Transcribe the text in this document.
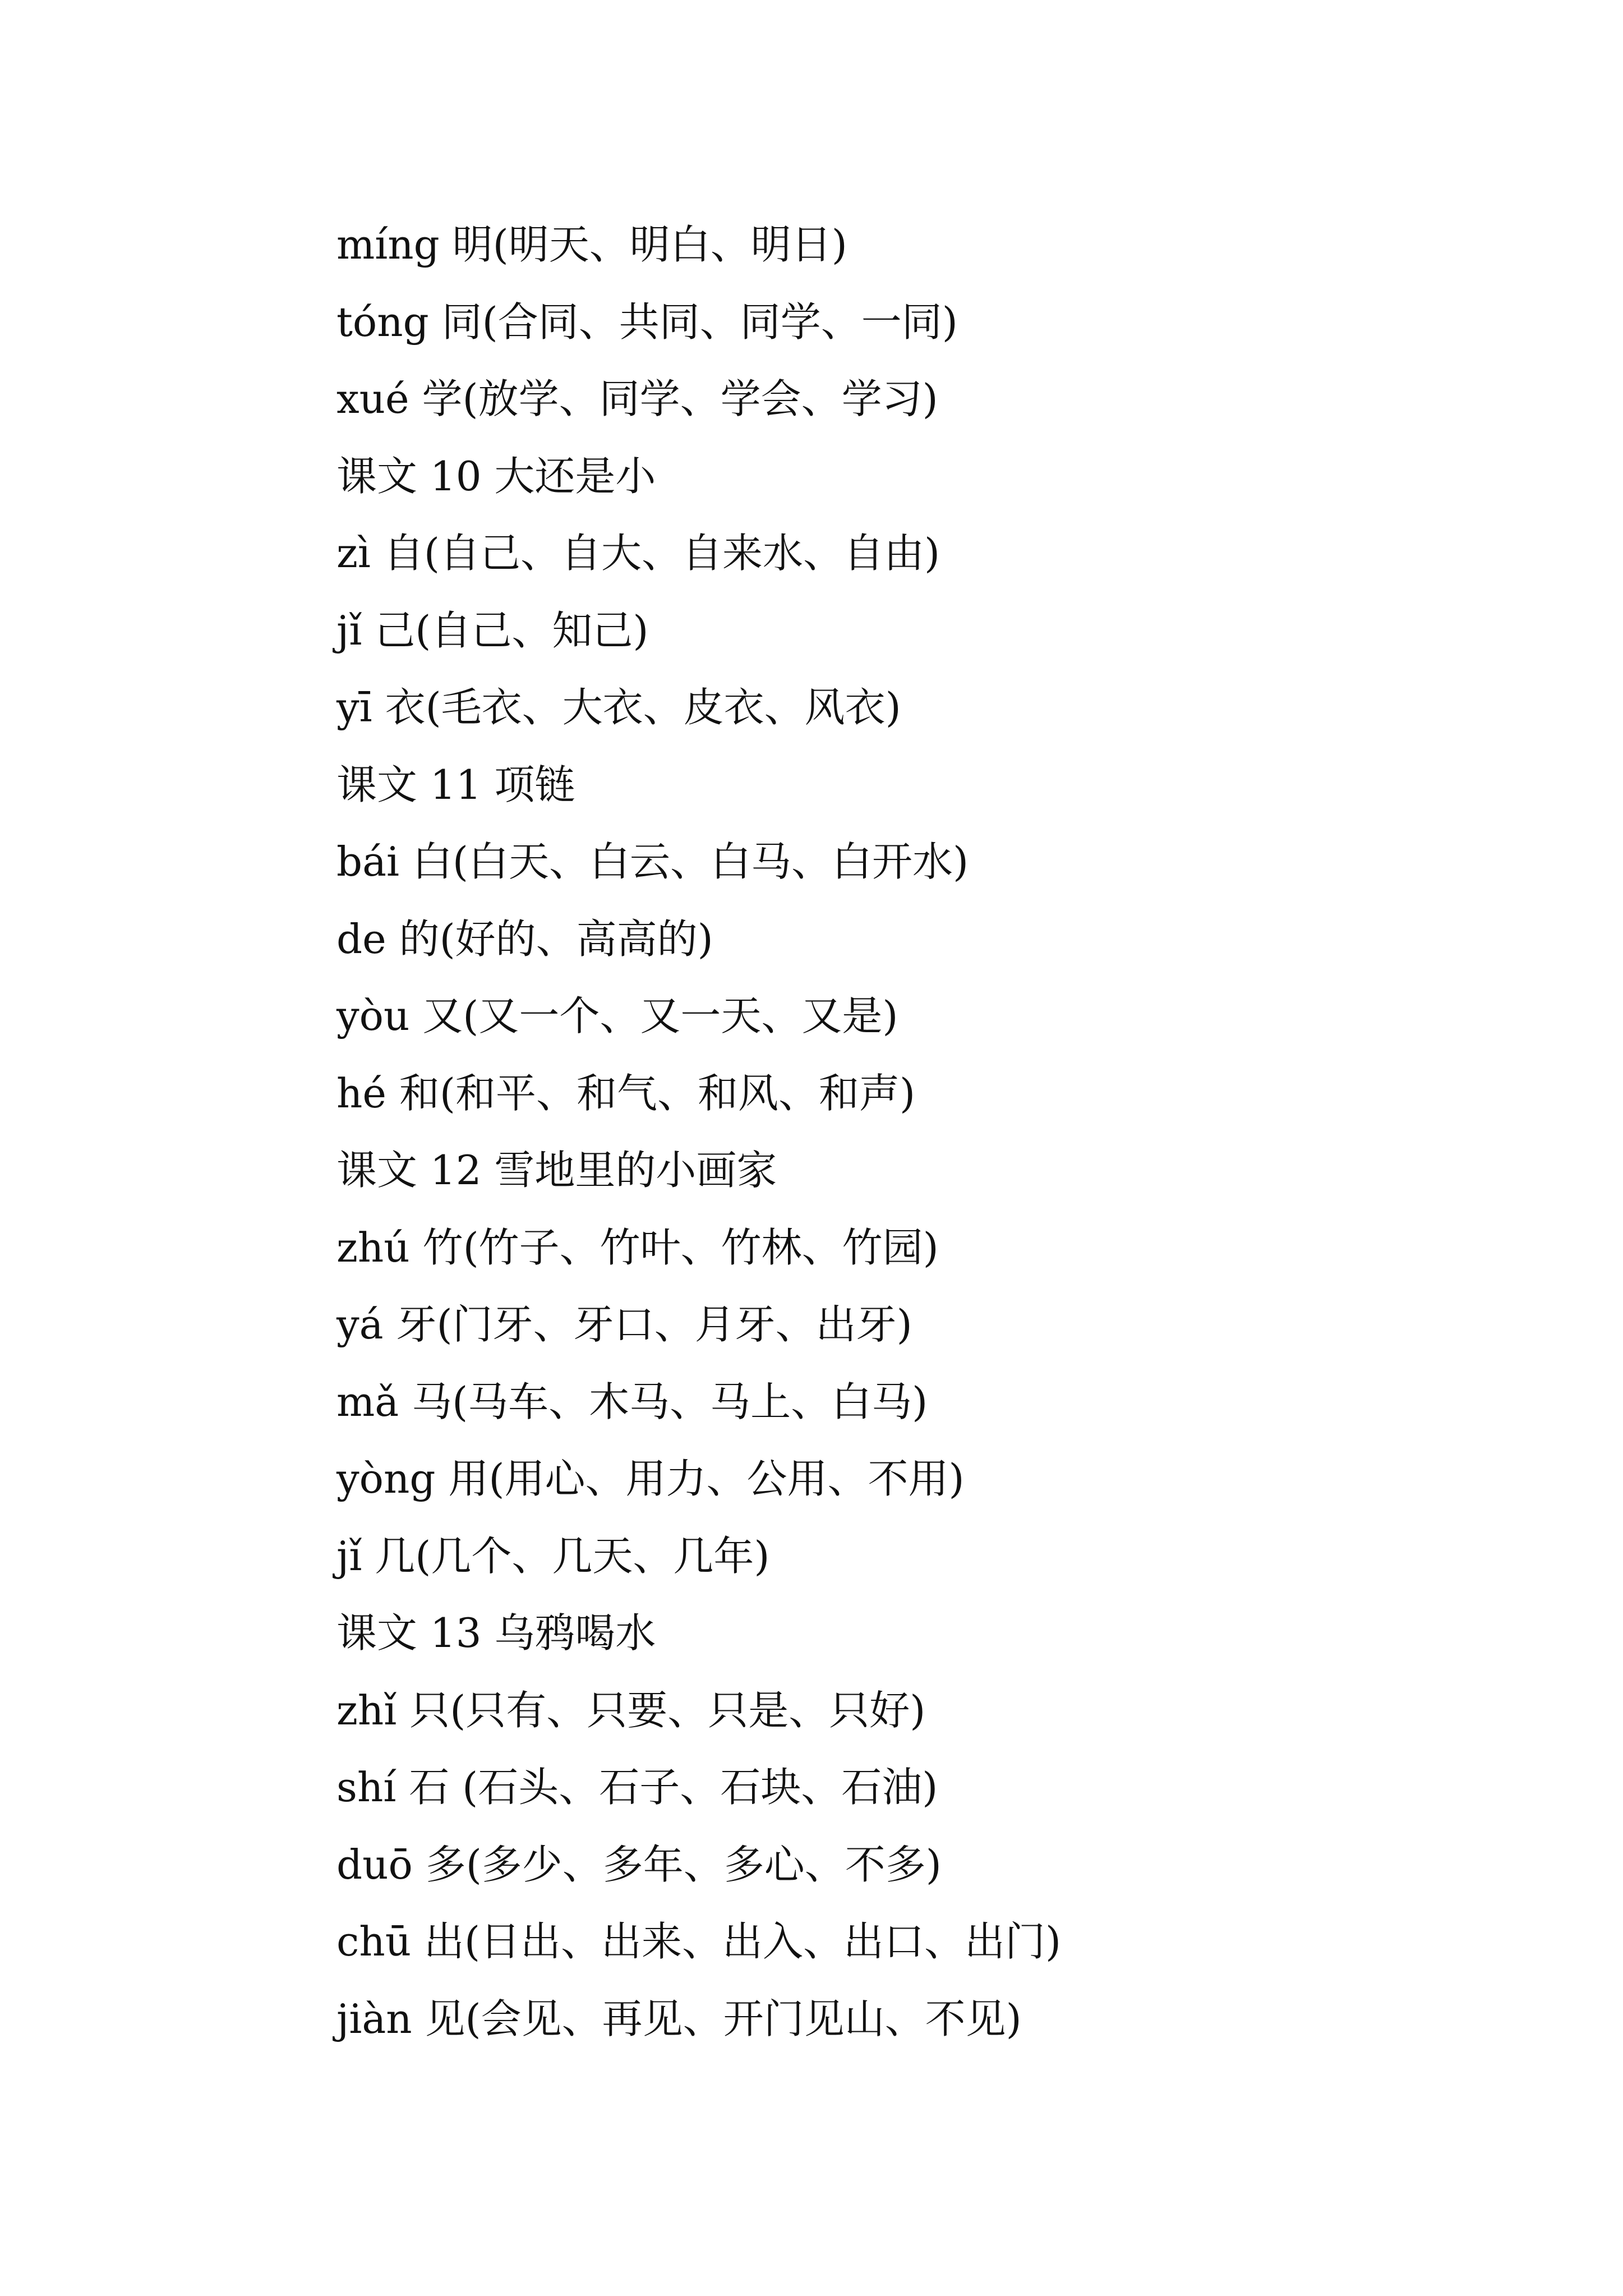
míng 明(明天、明白、明日)
tóng 同(合同、共同、同学、一同)
xué 学(放学、同学、学会、学习)
课文 10 大还是小
zì 自(自己、自大、自来水、自由)
jǐ 己(自己、知己)
yī 衣(毛衣、大衣、皮衣、风衣)
课文 11 项链
bái 白(白天、白云、白马、白开水)
de 的(好的、高高的)
yòu 又(又一个、又一天、又是)
hé 和(和平、和气、和风、和声)
课文 12 雪地里的小画家
zhú 竹(竹子、竹叶、竹林、竹园)
yá 牙(门牙、牙口、月牙、出牙)
mǎ 马(马车、木马、马上、白马)
yòng 用(用心、用力、公用、不用)
jǐ 几(几个、几天、几年)
课文 13 乌鸦喝水
zhǐ 只(只有、只要、只是、只好)
shí 石 (石头、石子、石块、石油)
duō 多(多少、多年、多心、不多)
chū 出(日出、出来、出入、出口、出门)
jiàn 见(会见、再见、开门见山、不见)
